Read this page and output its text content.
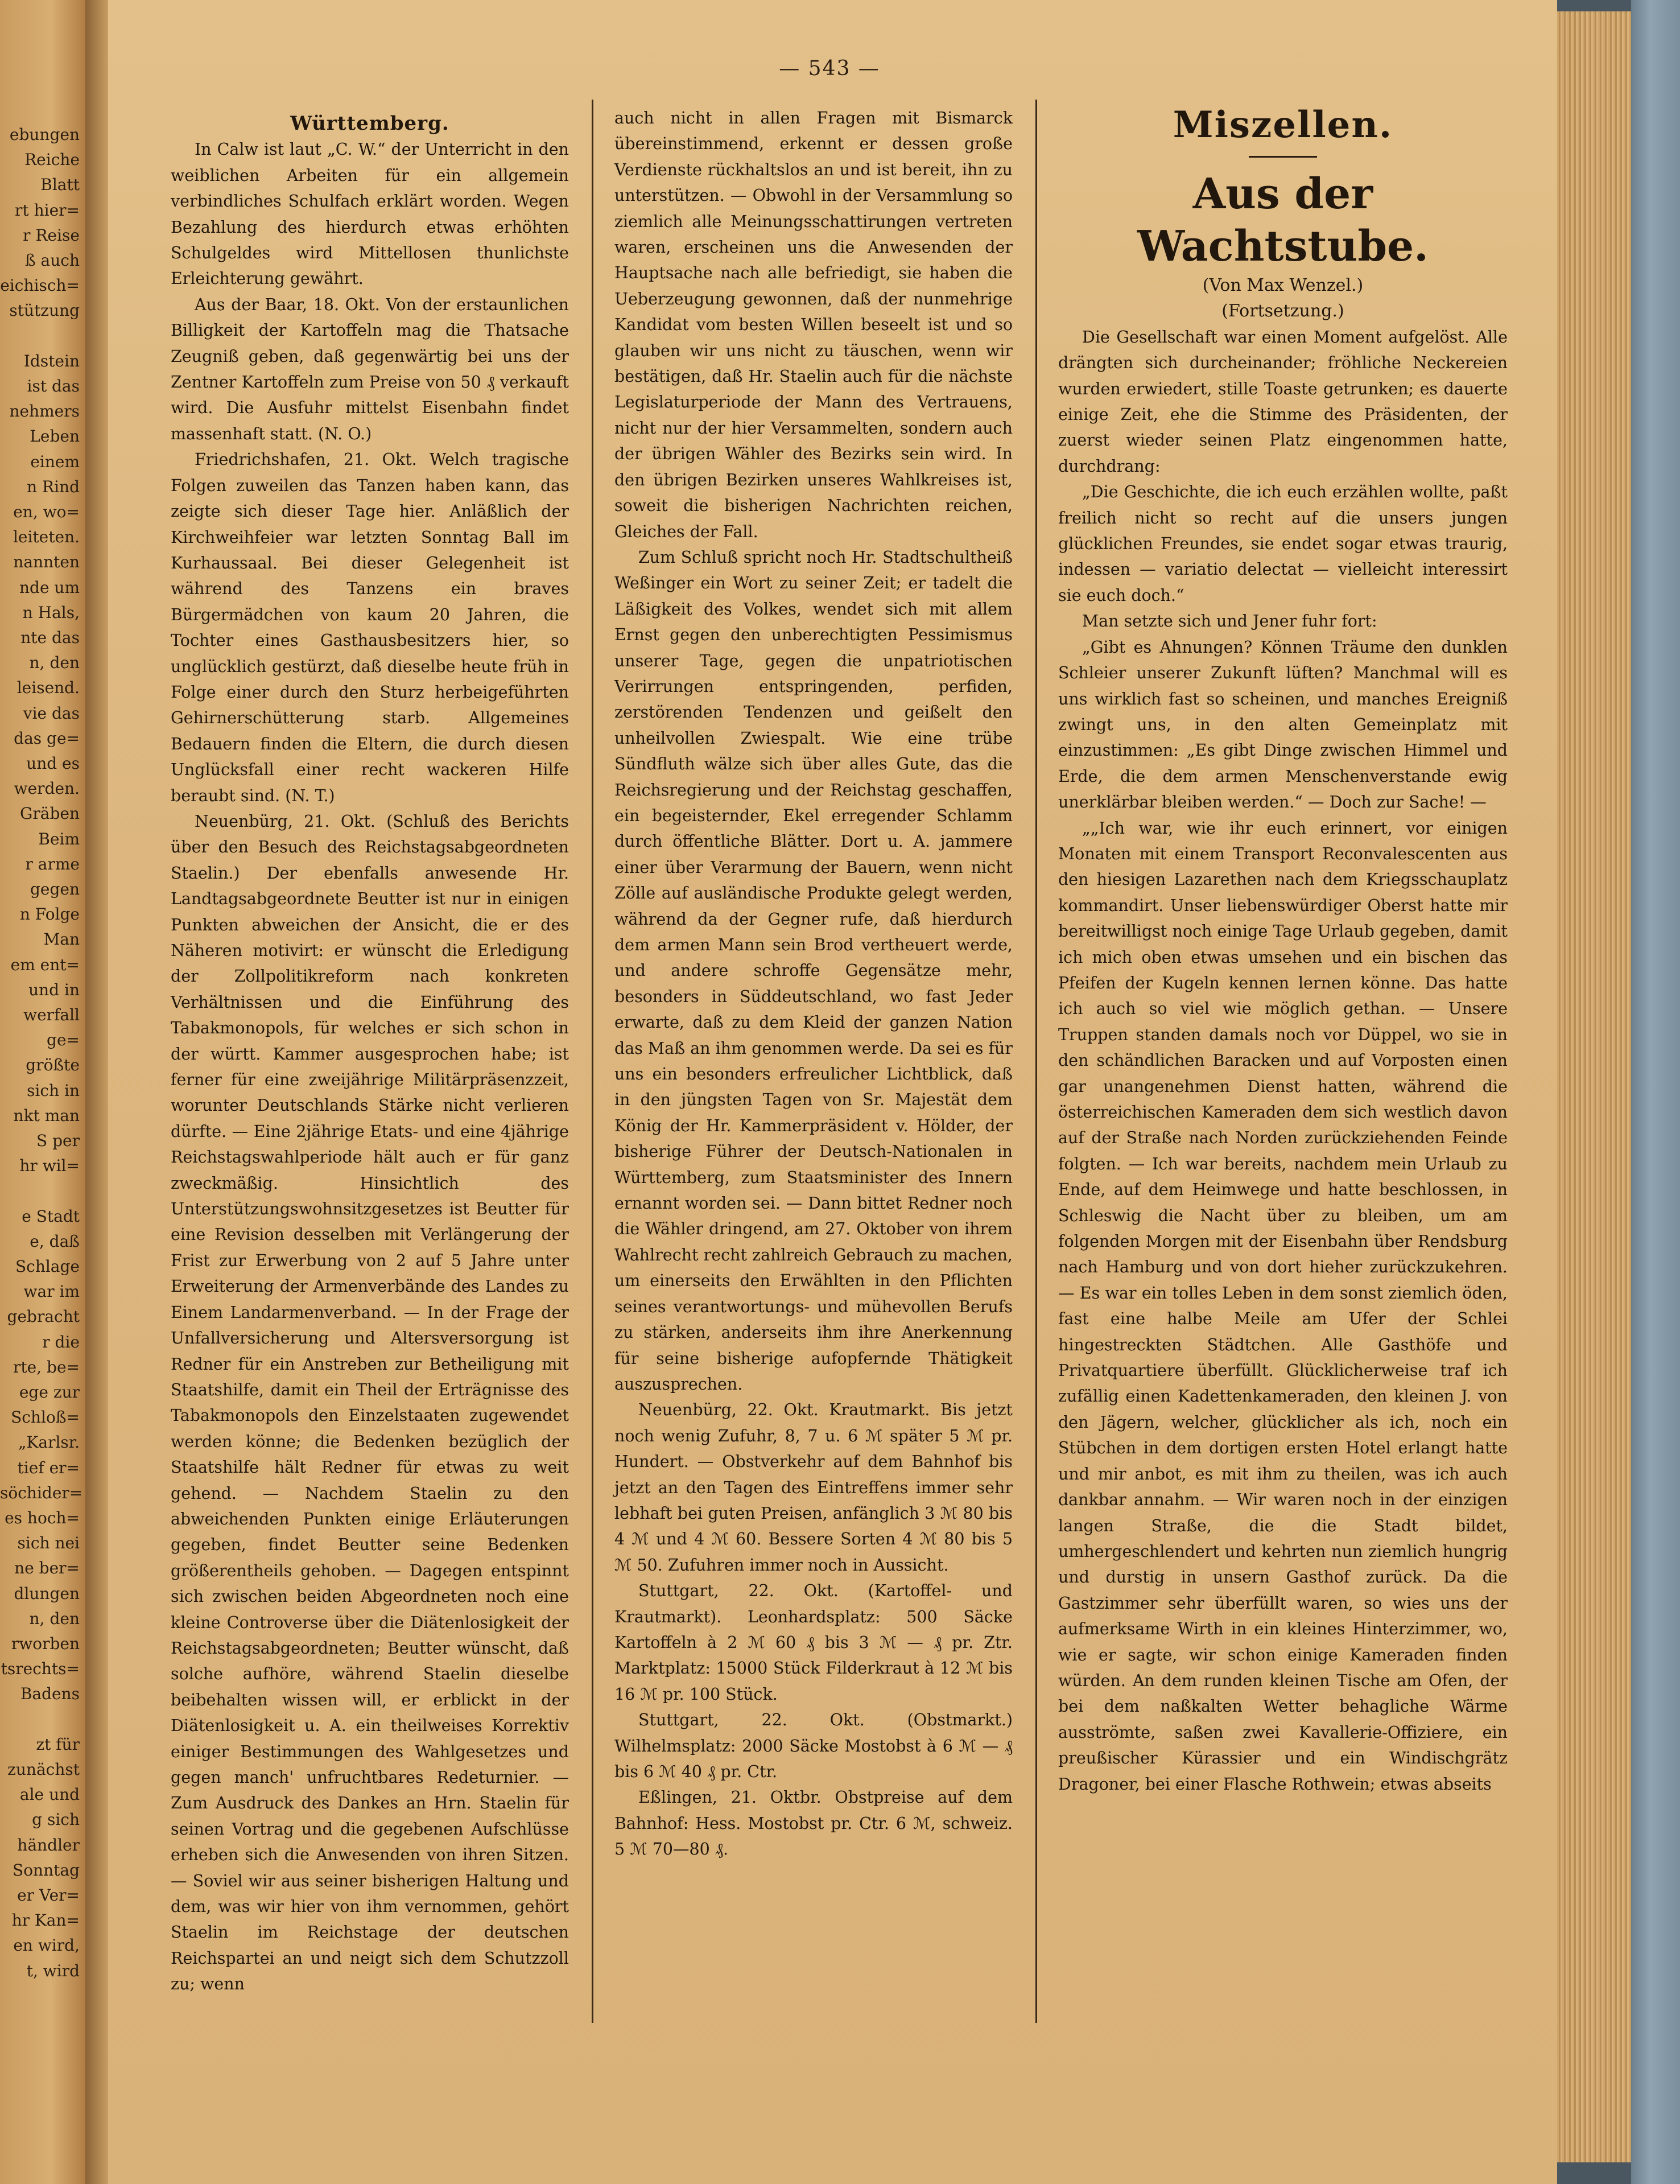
ebungen
Reiche
Blatt
rt hier=
r Reise
ß auch
eichisch=
stützung
Idstein
ist das
nehmers
Leben
einem
n Rind
en, wo=
leiteten.
nannten
nde um
n Hals,
nte das
n, den
leisend.
vie das
das ge=
und es
werden.
Gräben
Beim
r arme
gegen
n Folge
Man
em ent=
und in
werfall ge=
größte
sich in
nkt man
S per
hr wil=
e Stadt
e, daß
Schlage
war im
gebracht
r die
rte, be=
ege zur
Schloß=
„Karlsr.
tief er=
söchider=
es hoch=
sich nei
ne ber=
dlungen
n, den
rworben
tsrechts=
Badens
zt für
zunächst
ale und
g sich
händler
Sonntag
er Ver=
hr Kan=
en wird,
t, wird
— 543 —

Württemberg.

In Calw ist laut „C. W.“ der Unterricht in den weiblichen Arbeiten für ein allgemein verbindliches Schulfach erklärt worden. Wegen Bezahlung des hierdurch etwas erhöhten Schulgeldes wird Mittellosen thunlichste Erleichterung gewährt.

Aus der Baar, 18. Okt. Von der erstaunlichen Billigkeit der Kartoffeln mag die Thatsache Zeugniß geben, daß gegenwärtig bei uns der Zentner Kartoffeln zum Preise von 50 ₰ verkauft wird. Die Ausfuhr mittelst Eisenbahn findet massenhaft statt. (N. O.)

Friedrichshafen, 21. Okt. Welch tragische Folgen zuweilen das Tanzen haben kann, das zeigte sich dieser Tage hier. Anläßlich der Kirchweihfeier war letzten Sonntag Ball im Kurhaussaal. Bei dieser Gelegenheit ist während des Tanzens ein braves Bürgermädchen von kaum 20 Jahren, die Tochter eines Gasthausbesitzers hier, so unglücklich gestürzt, daß dieselbe heute früh in Folge einer durch den Sturz herbeigeführten Gehirnerschütterung starb. Allgemeines Bedauern finden die Eltern, die durch diesen Unglücksfall einer recht wackeren Hilfe beraubt sind. (N. T.)

Neuenbürg, 21. Okt. (Schluß des Berichts über den Besuch des Reichstagsabgeordneten Staelin.) Der ebenfalls anwesende Hr. Landtagsabgeordnete Beutter ist nur in einigen Punkten abweichen der Ansicht, die er des Näheren motivirt: er wünscht die Erledigung der Zollpolitikreform nach konkreten Verhältnissen und die Einführung des Tabakmonopols, für welches er sich schon in der württ. Kammer ausgesprochen habe; ist ferner für eine zweijährige Militärpräsenzzeit, worunter Deutschlands Stärke nicht verlieren dürfte. — Eine 2jährige Etats- und eine 4jährige Reichstagswahlperiode hält auch er für ganz zweckmäßig. Hinsichtlich des Unterstützungswohnsitzgesetzes ist Beutter für eine Revision desselben mit Verlängerung der Frist zur Erwerbung von 2 auf 5 Jahre unter Erweiterung der Armenverbände des Landes zu Einem Landarmenverband. — In der Frage der Unfallversicherung und Altersversorgung ist Redner für ein Anstreben zur Betheiligung mit Staatshilfe, damit ein Theil der Erträgnisse des Tabakmonopols den Einzelstaaten zugewendet werden könne; die Bedenken bezüglich der Staatshilfe hält Redner für etwas zu weit gehend. — Nachdem Staelin zu den abweichenden Punkten einige Erläuterungen gegeben, findet Beutter seine Bedenken größerentheils gehoben. — Dagegen entspinnt sich zwischen beiden Abgeordneten noch eine kleine Controverse über die Diätenlosigkeit der Reichstagsabgeordneten; Beutter wünscht, daß solche aufhöre, während Staelin dieselbe beibehalten wissen will, er erblickt in der Diätenlosigkeit u. A. ein theilweises Korrektiv einiger Bestimmungen des Wahlgesetzes und gegen manch' unfruchtbares Redeturnier. — Zum Ausdruck des Dankes an Hrn. Staelin für seinen Vortrag und die gegebenen Aufschlüsse erheben sich die Anwesenden von ihren Sitzen. — Soviel wir aus seiner bisherigen Haltung und dem, was wir hier von ihm vernommen, gehört Staelin im Reichstage der deutschen Reichspartei an und neigt sich dem Schutzzoll zu; wenn

auch nicht in allen Fragen mit Bismarck übereinstimmend, erkennt er dessen große Verdienste rückhaltslos an und ist bereit, ihn zu unterstützen. — Obwohl in der Versammlung so ziemlich alle Meinungsschattirungen vertreten waren, erscheinen uns die Anwesenden der Hauptsache nach alle befriedigt, sie haben die Ueberzeugung gewonnen, daß der nunmehrige Kandidat vom besten Willen beseelt ist und so glauben wir uns nicht zu täuschen, wenn wir bestätigen, daß Hr. Staelin auch für die nächste Legislaturperiode der Mann des Vertrauens, nicht nur der hier Versammelten, sondern auch der übrigen Wähler des Bezirks sein wird. In den übrigen Bezirken unseres Wahlkreises ist, soweit die bisherigen Nachrichten reichen, Gleiches der Fall.

Zum Schluß spricht noch Hr. Stadtschultheiß Weßinger ein Wort zu seiner Zeit; er tadelt die Läßigkeit des Volkes, wendet sich mit allem Ernst gegen den unberechtigten Pessimismus unserer Tage, gegen die unpatriotischen Verirrungen entspringenden, perfiden, zerstörenden Tendenzen und geißelt den unheilvollen Zwiespalt. Wie eine trübe Sündfluth wälze sich über alles Gute, das die Reichsregierung und der Reichstag geschaffen, ein begeisternder, Ekel erregender Schlamm durch öffentliche Blätter. Dort u. A. jammere einer über Verarmung der Bauern, wenn nicht Zölle auf ausländische Produkte gelegt werden, während da der Gegner rufe, daß hierdurch dem armen Mann sein Brod vertheuert werde, und andere schroffe Gegensätze mehr, besonders in Süddeutschland, wo fast Jeder erwarte, daß zu dem Kleid der ganzen Nation das Maß an ihm genommen werde. Da sei es für uns ein besonders erfreulicher Lichtblick, daß in den jüngsten Tagen von Sr. Majestät dem König der Hr. Kammerpräsident v. Hölder, der bisherige Führer der Deutsch-Nationalen in Württemberg, zum Staatsminister des Innern ernannt worden sei. — Dann bittet Redner noch die Wähler dringend, am 27. Oktober von ihrem Wahlrecht recht zahlreich Gebrauch zu machen, um einerseits den Erwählten in den Pflichten seines verantwortungs- und mühevollen Berufs zu stärken, anderseits ihm ihre Anerkennung für seine bisherige aufopfernde Thätigkeit auszusprechen.

Neuenbürg, 22. Okt. Krautmarkt. Bis jetzt noch wenig Zufuhr, 8, 7 u. 6 ℳ später 5 ℳ pr. Hundert. — Obstverkehr auf dem Bahnhof bis jetzt an den Tagen des Eintreffens immer sehr lebhaft bei guten Preisen, anfänglich 3 ℳ 80 bis 4 ℳ und 4 ℳ 60. Bessere Sorten 4 ℳ 80 bis 5 ℳ 50. Zufuhren immer noch in Aussicht.

Stuttgart, 22. Okt. (Kartoffel- und Krautmarkt). Leonhardsplatz: 500 Säcke Kartoffeln à 2 ℳ 60 ₰ bis 3 ℳ — ₰ pr. Ztr. Marktplatz: 15000 Stück Filderkraut à 12 ℳ bis 16 ℳ pr. 100 Stück.

Stuttgart, 22. Okt. (Obstmarkt.) Wilhelmsplatz: 2000 Säcke Mostobst à 6 ℳ — ₰ bis 6 ℳ 40 ₰ pr. Ctr.

Eßlingen, 21. Oktbr. Obstpreise auf dem Bahnhof: Hess. Mostobst pr. Ctr. 6 ℳ, schweiz. 5 ℳ 70—80 ₰.

Miszellen.

Aus der Wachtstube.

(Von Max Wenzel.)

(Fortsetzung.)

Die Gesellschaft war einen Moment aufgelöst. Alle drängten sich durcheinander; fröhliche Neckereien wurden erwiedert, stille Toaste getrunken; es dauerte einige Zeit, ehe die Stimme des Präsidenten, der zuerst wieder seinen Platz eingenommen hatte, durchdrang:

„Die Geschichte, die ich euch erzählen wollte, paßt freilich nicht so recht auf die unsers jungen glücklichen Freundes, sie endet sogar etwas traurig, indessen — variatio delectat — vielleicht interessirt sie euch doch.“

Man setzte sich und Jener fuhr fort:

„Gibt es Ahnungen? Können Träume den dunklen Schleier unserer Zukunft lüften? Manchmal will es uns wirklich fast so scheinen, und manches Ereigniß zwingt uns, in den alten Gemeinplatz mit einzustimmen: „Es gibt Dinge zwischen Himmel und Erde, die dem armen Menschenverstande ewig unerklärbar bleiben werden.“ — Doch zur Sache! —

„„Ich war, wie ihr euch erinnert, vor einigen Monaten mit einem Transport Reconvalescenten aus den hiesigen Lazarethen nach dem Kriegsschauplatz kommandirt. Unser liebenswürdiger Oberst hatte mir bereitwilligst noch einige Tage Urlaub gegeben, damit ich mich oben etwas umsehen und ein bischen das Pfeifen der Kugeln kennen lernen könne. Das hatte ich auch so viel wie möglich gethan. — Unsere Truppen standen damals noch vor Düppel, wo sie in den schändlichen Baracken und auf Vorposten einen gar unangenehmen Dienst hatten, während die österreichischen Kameraden dem sich westlich davon auf der Straße nach Norden zurückziehenden Feinde folgten. — Ich war bereits, nachdem mein Urlaub zu Ende, auf dem Heimwege und hatte beschlossen, in Schleswig die Nacht über zu bleiben, um am folgenden Morgen mit der Eisenbahn über Rendsburg nach Hamburg und von dort hieher zurückzukehren. — Es war ein tolles Leben in dem sonst ziemlich öden, fast eine halbe Meile am Ufer der Schlei hingestreckten Städtchen. Alle Gasthöfe und Privatquartiere überfüllt. Glücklicherweise traf ich zufällig einen Kadettenkameraden, den kleinen J. von den Jägern, welcher, glücklicher als ich, noch ein Stübchen in dem dortigen ersten Hotel erlangt hatte und mir anbot, es mit ihm zu theilen, was ich auch dankbar annahm. — Wir waren noch in der einzigen langen Straße, die die Stadt bildet, umhergeschlendert und kehrten nun ziemlich hungrig und durstig in unsern Gasthof zurück. Da die Gastzimmer sehr überfüllt waren, so wies uns der aufmerksame Wirth in ein kleines Hinterzimmer, wo, wie er sagte, wir schon einige Kameraden finden würden. An dem runden kleinen Tische am Ofen, der bei dem naßkalten Wetter behagliche Wärme ausströmte, saßen zwei Kavallerie-Offiziere, ein preußischer Kürassier und ein Windischgrätz Dragoner, bei einer Flasche Rothwein; etwas abseits
